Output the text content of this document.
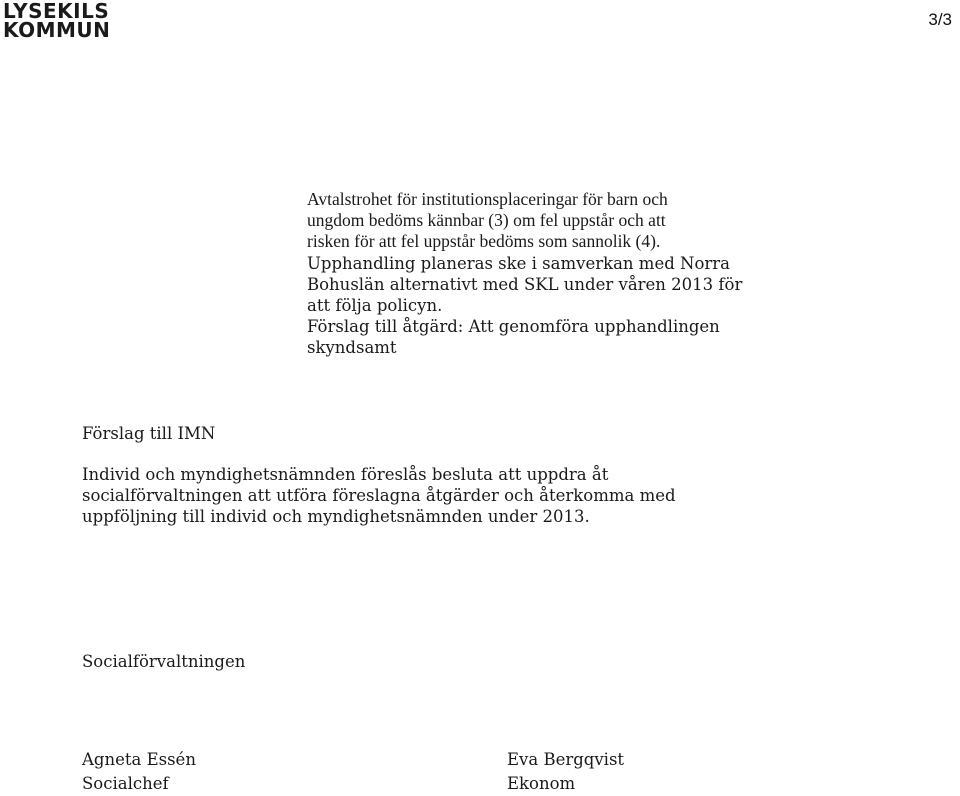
LYSEKILS
KOMMUN	3/3
Avtalstrohet för institutionsplaceringar för barn och
ungdom bedöms kännbar (3) om fel uppstår och att
risken för att fel uppstår bedöms som sannolik (4).
Upphandling planeras ske i samverkan med Norra
Bohuslän alternativt med SKL under våren 2013 för
att följa policyn.
Förslag till åtgärd: Att genomföra upphandlingen
skyndsamt
Förslag till IMN
Individ och myndighetsnämnden föreslås besluta att uppdra åt
socialförvaltningen att utföra föreslagna åtgärder och återkomma med
uppföljning till individ och myndighetsnämnden under 2013.
Socialförvaltningen
Agneta Essén
Socialchef
Eva Bergqvist
Ekonom
